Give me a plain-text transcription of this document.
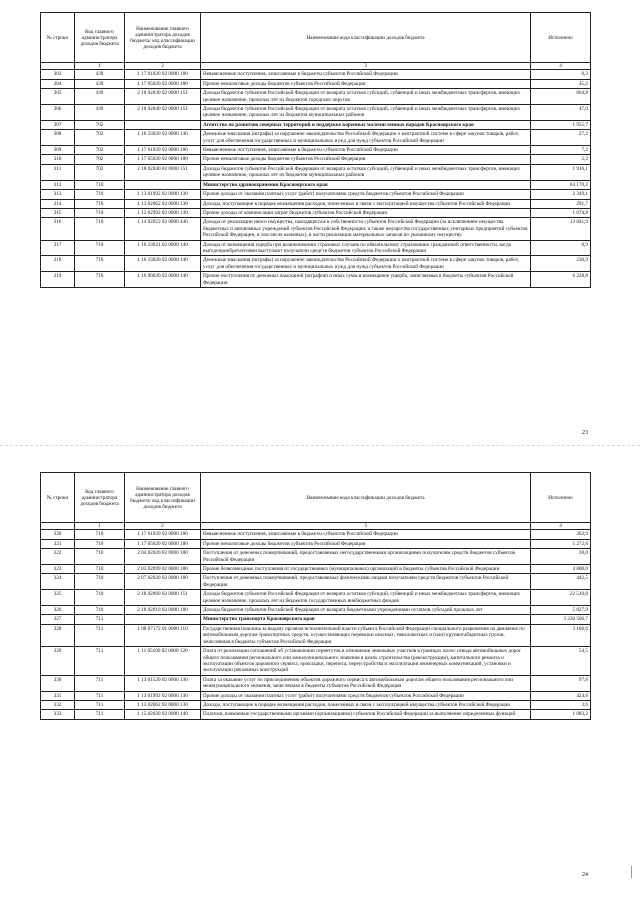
№ строки	Код главного администратора доходов бюджета	Наименование главного администратора доходов бюджета/ код классификации доходов бюджета	Наименование кода классификации доходов бюджета	Исполнено
	1	2	3	4
303	439	1 17 01020 02 0000 180	Невыясненные поступления, зачисляемые в бюджеты субъектов Российской Федерации	0,3
304	439	1 17 05020 02 0000 180	Прочие неналоговые доходы бюджетов субъектов Российской Федерации	45,2
305	439	2 18 02030 02 0000 151	Доходы бюджетов субъектов Российской Федерации от возврата остатков субсидий, субвенций и иных межбюджетных трансфертов, имеющих целевое назначение, прошлых лет из бюджетов городских округов	664,8
306	439	2 18 02040 02 0000 151	Доходы бюджетов субъектов Российской Федерации от возврата остатков субсидий, субвенций и иных межбюджетных трансфертов, имеющих целевое назначение, прошлых лет из бюджетов муниципальных районов	47,0
307	702		Агентство по развитию северных территорий и поддержке коренных малочисленных народов Красноярского края	1 955,7
308	702	1 16 33020 02 0000 140	Денежные взыскания (штрафы) за нарушение законодательства Российской Федерации о контрактной системе в сфере закупок товаров, работ, услуг для обеспечения государственных и муниципальных нужд для нужд субъектов Российской Федерации	27,2
309	702	1 17 01020 02 0000 180	Невыясненные поступления, зачисляемые в бюджеты субъектов Российской Федерации	7,2
310	702	1 17 05020 02 0000 180	Прочие неналоговые доходы бюджетов субъектов Российской Федерации	5,2
311	702	2 18 02040 02 0000 151	Доходы бюджетов субъектов Российской Федерации от возврата остатков субсидий, субвенций и иных межбюджетных трансфертов, имеющих целевое назначение, прошлых лет из бюджетов муниципальных районов	1 916,1
312	710		Министерство здравоохранения Красноярского края	63 170,2
313	710	1 13 01992 02 0000 130	Прочие доходы от оказания платных услуг (работ) получателями средств бюджетов субъектов Российской Федерации	2 349,1
314	710	1 13 02062 02 0000 130	Доходы, поступающие в порядке возмещения расходов, понесенных в связи с эксплуатацией имущества субъектов Российской Федерации	291,7
315	710	1 13 02992 02 0000 130	Прочие доходы от компенсации затрат бюджетов субъектов Российской Федерации	1 074,8
316	710	1 14 02023 02 0000 440	Доходы от реализации иного имущества, находящегося в собственности субъектов Российской Федерации (за исключением имущества бюджетных и автономных учреждений субъектов Российской Федерации, а также имущества государственных унитарных предприятий субъектов Российской Федерации, в том числе казенных), в части реализации материальных запасов по указанному имуществу	13 841,9
317	710	1 16 23021 02 0000 140	Доходы от возмещения ущерба при возникновении страховых случаев по обязательному страхованию гражданской ответственности, когда выгодоприобретателями выступают получатели средств бюджетов субъектов Российской Федерации	6,9
318	710	1 16 33020 02 0000 140	Денежные взыскания (штрафы) за нарушение законодательства Российской Федерации о контрактной системе в сфере закупок товаров, работ, услуг для обеспечения государственных и муниципальных нужд для нужд субъектов Российской Федерации	230,9
319	710	1 16 90020 02 0000 140	Прочие поступления от денежных взысканий (штрафов) и иных сумм в возмещение ущерба, зачисляемые в бюджеты субъектов Российской Федерации	6 228,8
23
№ строки	Код главного администратора доходов бюджета	Наименование главного администратора доходов бюджета/ код классификации доходов бюджета	Наименование кода классификации доходов бюджета	Исполнено
	1	2	3	4
320	710	1 17 01020 02 0000 180	Невыясненные поступления, зачисляемые в бюджеты субъектов Российской Федерации	262,9
321	710	1 17 05020 02 0000 180	Прочие неналоговые доходы бюджетов субъектов Российской Федерации	5 272,8
322	710	2 04 02020 02 0000 180	Поступления от денежных пожертвований, предоставляемых негосударственными организациями получателям средств бюджетов субъектов Российской Федерации	30,0
323	710	2 03 02099 02 0000 180	Прочие безвозмездные поступления от государственных (муниципальных) организаций в бюджеты субъектов Российской Федерации	4 800,0
324	710	2 07 02020 02 0000 180	Поступления от денежных пожертвований, предоставляемых физическими лицами получателям средств бюджетов субъектов Российской Федерации	442,5
325	710	2 18 02060 02 0000 151	Доходы бюджетов субъектов Российской Федерации от возврата остатков субсидий, субвенций и иных межбюджетных трансфертов, имеющих целевое назначение, прошлых лет из бюджетов государственных внебюджетных фондов	22 510,8
326	710	2 18 02010 02 0000 180	Доходы бюджетов субъектов Российской Федерации от возврата бюджетными учреждениями остатков субсидий прошлых лет	5 827,9
327	711		Министерство транспорта Красноярского края	3 230 506,7
328	711	1 08 07172 01 0000 110	Государственная пошлина за выдачу органом исполнительной власти субъекта Российской Федерации специального разрешения на движение по автомобильным дорогам транспортных средств, осуществляющих перевозки опасных, тяжеловесных и (или) крупногабаритных грузов, зачисляемая в бюджеты субъектов Российской Федерации	3 166,6
329	711	1 11 05100 02 0000 120	Плата от реализации соглашений об установлении сервитутов в отношении земельных участков в границах полос отвода автомобильных дорог общего пользования регионального или межмуниципального значения в целях строительства (реконструкции), капитального ремонта и эксплуатации объектов дорожного сервиса, прокладки, переноса, переустройства и эксплуатации инженерных коммуникаций, установки и эксплуатации рекламных конструкций	54,5
330	711	1 13 01520 02 0000 130	Плата за оказание услуг по присоединению объектов дорожного сервиса к автомобильным дорогам общего пользования регионального или межмуниципального значения, зачисляемая в бюджеты субъектов Российской Федерации	97,8
331	711	1 13 01992 02 0000 130	Прочие доходы от оказания платных услуг (работ) получателями средств бюджетов субъектов Российской Федерации	424,8
332	711	1 13 02062 02 0000 130	Доходы, поступающие в порядке возмещения расходов, понесенных в связи с эксплуатацией имущества субъектов Российской Федерации	3,6
333	711	1 15 02020 02 0000 140	Платежи, взимаемые государственными органами (организациями) субъектов Российской Федерации за выполнение определенных функций	1 083,2
24
